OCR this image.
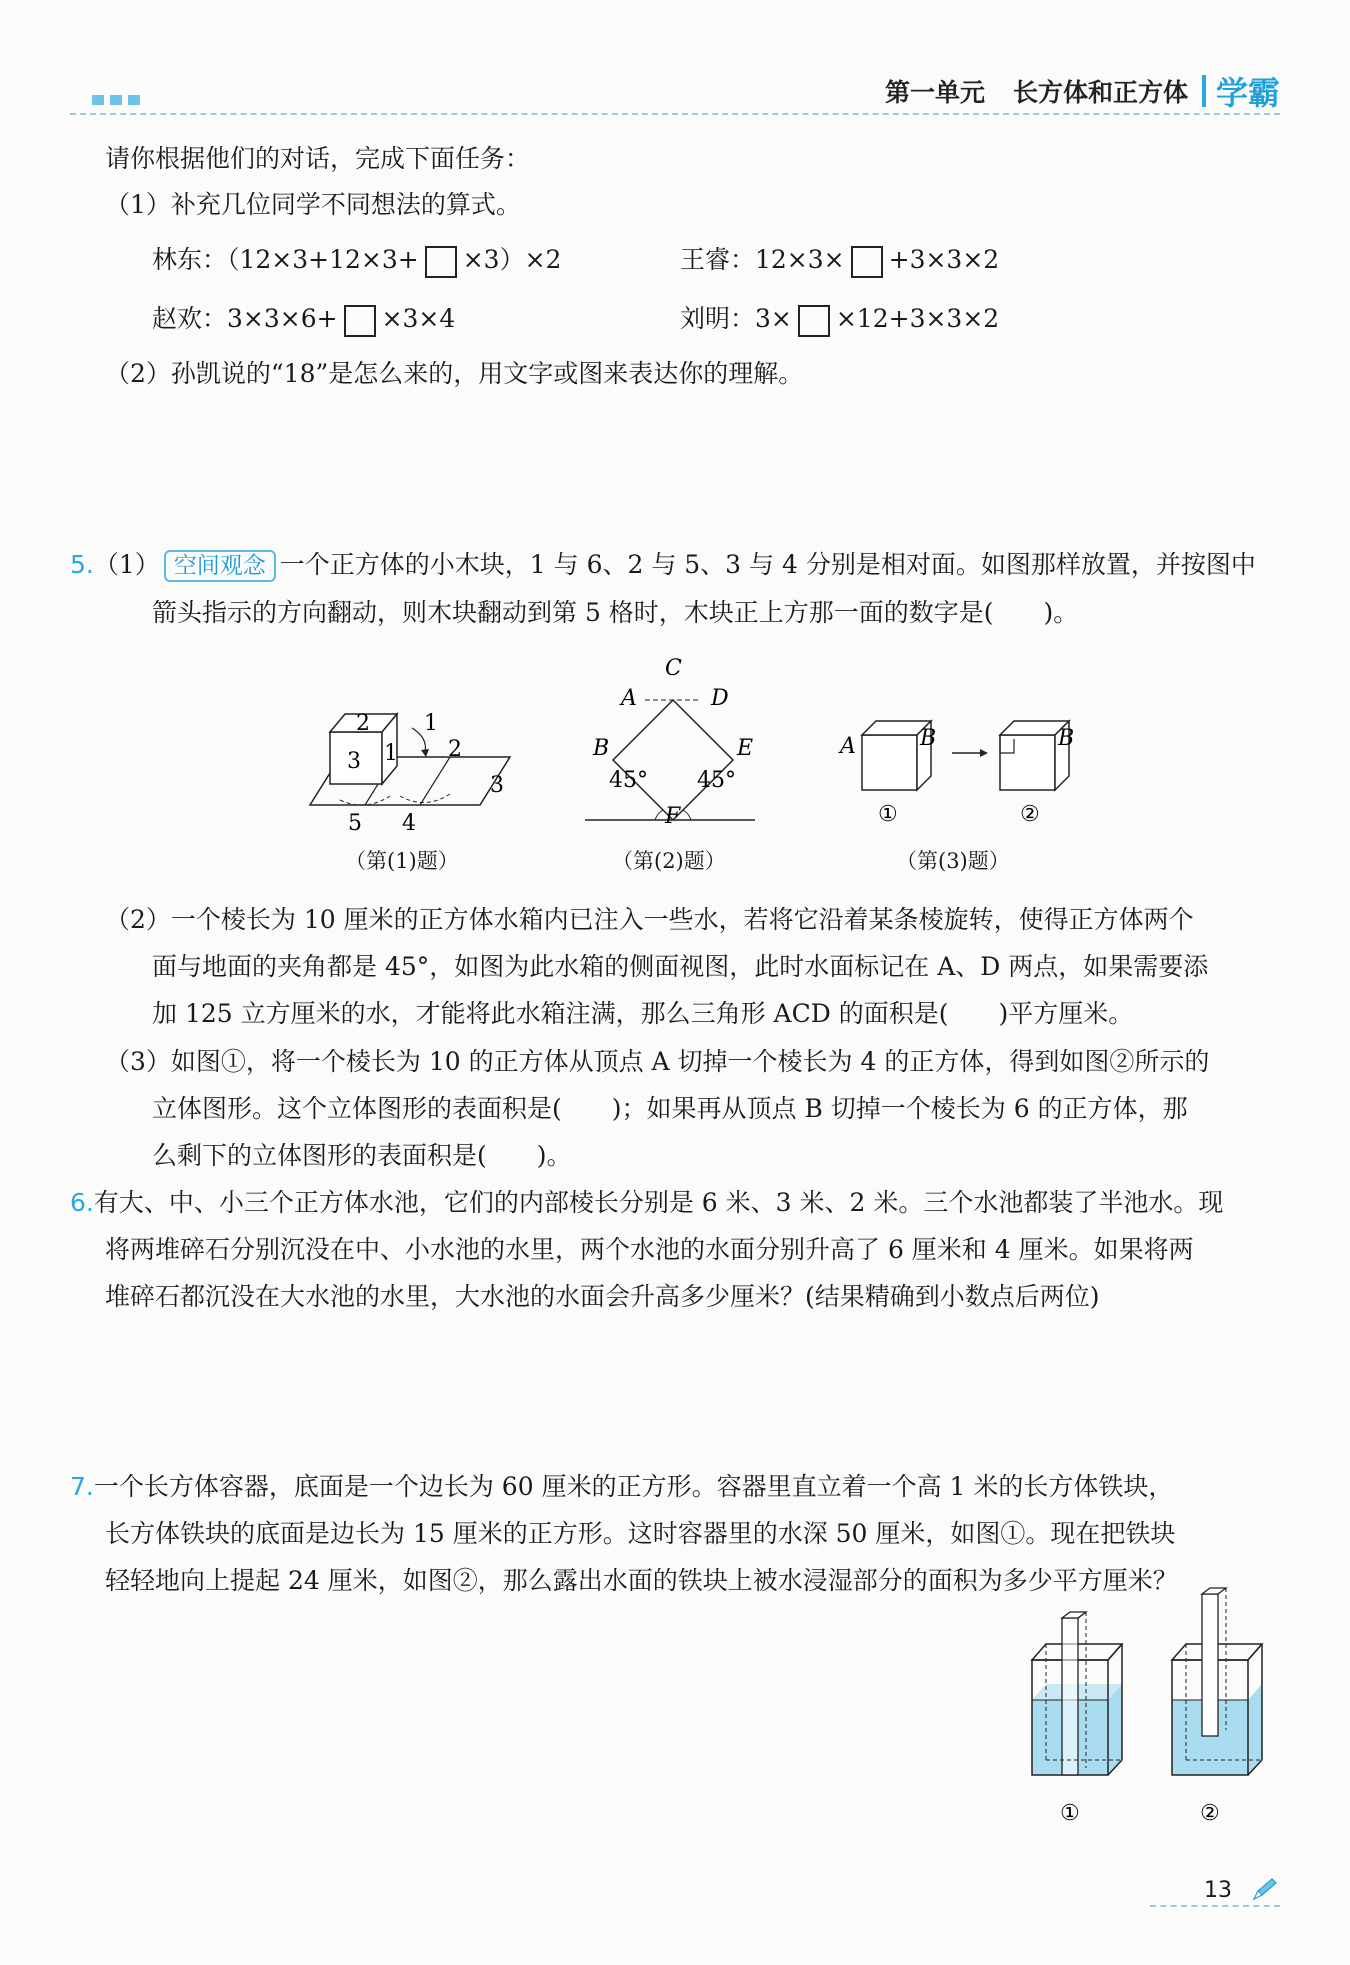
第一单元 长方体和正方体 学霸
请你根据他们的对话，完成下面任务：
（1）补充几位同学不同想法的算式。
林东：（12×3+12×3+ ×3）×2	王睿：12×3× +3×3×2
赵欢：3×3×6+ ×3×4	刘明：3× ×12+3×3×2
（2）孙凯说的“18”是怎么来的，用文字或图来表达你的理解。
5.（1） 空间观念 一个正方体的小木块，1 与 6、2 与 5、3 与 4 分别是相对面。如图那样放置，并按图中
箭头指示的方向翻动，则木块翻动到第 5 格时，木块正上方那一面的数字是(　　)。
2
3 1
1
2
3
5 4
（第(1)题）
C
A	D
B	E
45° 45°
F
（第(2)题）
A	B	B
①	②
（第(3)题）
（2）一个棱长为 10 厘米的正方体水箱内已注入一些水，若将它沿着某条棱旋转，使得正方体两个
面与地面的夹角都是 45°，如图为此水箱的侧面视图，此时水面标记在 A、D 两点，如果需要添
加 125 立方厘米的水，才能将此水箱注满，那么三角形 ACD 的面积是(　　)平方厘米。
（3）如图①，将一个棱长为 10 的正方体从顶点 A 切掉一个棱长为 4 的正方体，得到如图②所示的
立体图形。这个立体图形的表面积是(　　)；如果再从顶点 B 切掉一个棱长为 6 的正方体，那
么剩下的立体图形的表面积是(　　)。
6.有大、中、小三个正方体水池，它们的内部棱长分别是 6 米、3 米、2 米。三个水池都装了半池水。现
将两堆碎石分别沉没在中、小水池的水里，两个水池的水面分别升高了 6 厘米和 4 厘米。如果将两
堆碎石都沉没在大水池的水里，大水池的水面会升高多少厘米？(结果精确到小数点后两位)
7.一个长方体容器，底面是一个边长为 60 厘米的正方形。容器里直立着一个高 1 米的长方体铁块，
长方体铁块的底面是边长为 15 厘米的正方形。这时容器里的水深 50 厘米，如图①。现在把铁块
轻轻地向上提起 24 厘米，如图②，那么露出水面的铁块上被水浸湿部分的面积为多少平方厘米？
①	②
13
